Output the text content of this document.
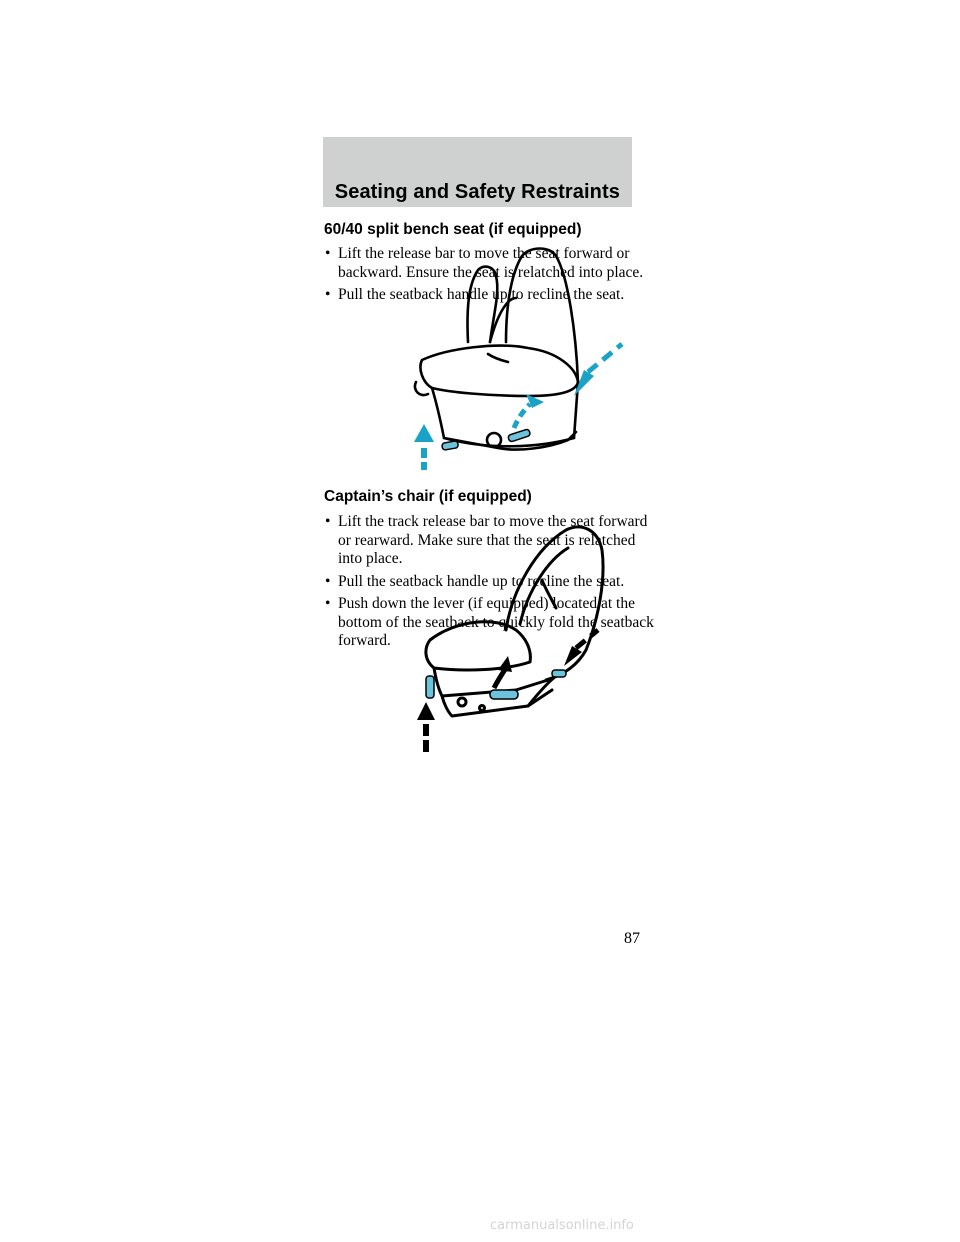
Seating and Safety Restraints
60/40 split bench seat (if equipped)
• Lift the release bar to move the seat forward or backward. Ensure the seat is relatched into place.
• Pull the seatback handle up to recline the seat.
Captain’s chair (if equipped)
• Lift the track release bar to move the seat forward or rearward. Make sure that the seat is relatched into place.
• Pull the seatback handle up to recline the seat.
• Push down the lever (if equipped) located at the bottom of the seatback to quickly fold the seatback forward.
87
carmanualsonline.info
